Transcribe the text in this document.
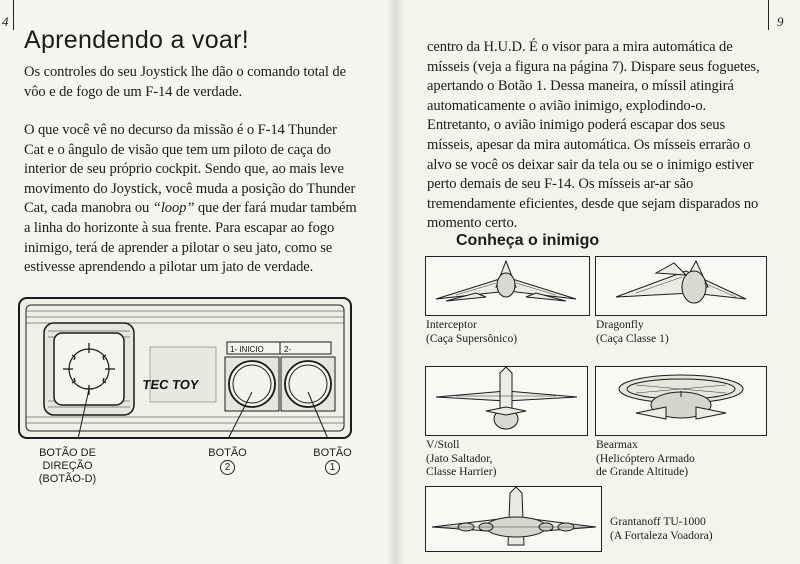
4	9
Aprendendo a voar!

Os controles do seu Joystick lhe dão o comando total de vôo e de fogo de um F-14 de verdade.

O que você vê no decurso da missão é o F-14 Thunder Cat e o ângulo de visão que tem um piloto de caça do interior de seu próprio cockpit. Sendo que, ao mais leve movimento do Joystick, você muda a posição do Thunder Cat, cada manobra ou “loop” que der fará mudar também a linha do horizonte à sua frente. Para escapar ao fogo inimigo, terá de aprender a pilotar o seu jato, como se estivesse aprendendo a pilotar um jato de verdade.

TEC TOY
1- INICIO	2-
BOTÃO DE
DIREÇÃO
(BOTÃO-D)
BOTÃO
2
BOTÃO
1

centro da H.U.D. É o visor para a mira automática de mísseis (veja a figura na página 7). Dispare seus foguetes, apertando o Botão 1. Dessa maneira, o míssil atingirá automaticamente o avião inimigo, explodindo-o. Entretanto, o avião inimigo poderá escapar dos seus mísseis, apesar da mira automática. Os mísseis errarão o alvo se você os deixar sair da tela ou se o inimigo estiver perto demais de seu F-14. Os mísseis ar-ar são tremendamente eficientes, desde que sejam disparados no momento certo.

Conheça o inimigo
Interceptor
(Caça Supersônico)
Dragonfly
(Caça Classe 1)
V/Stoll
(Jato Saltador,
Classe Harrier)
Bearmax
(Helicóptero Armado
de Grande Altitude)
Grantanoff TU-1000
(A Fortaleza Voadora)
